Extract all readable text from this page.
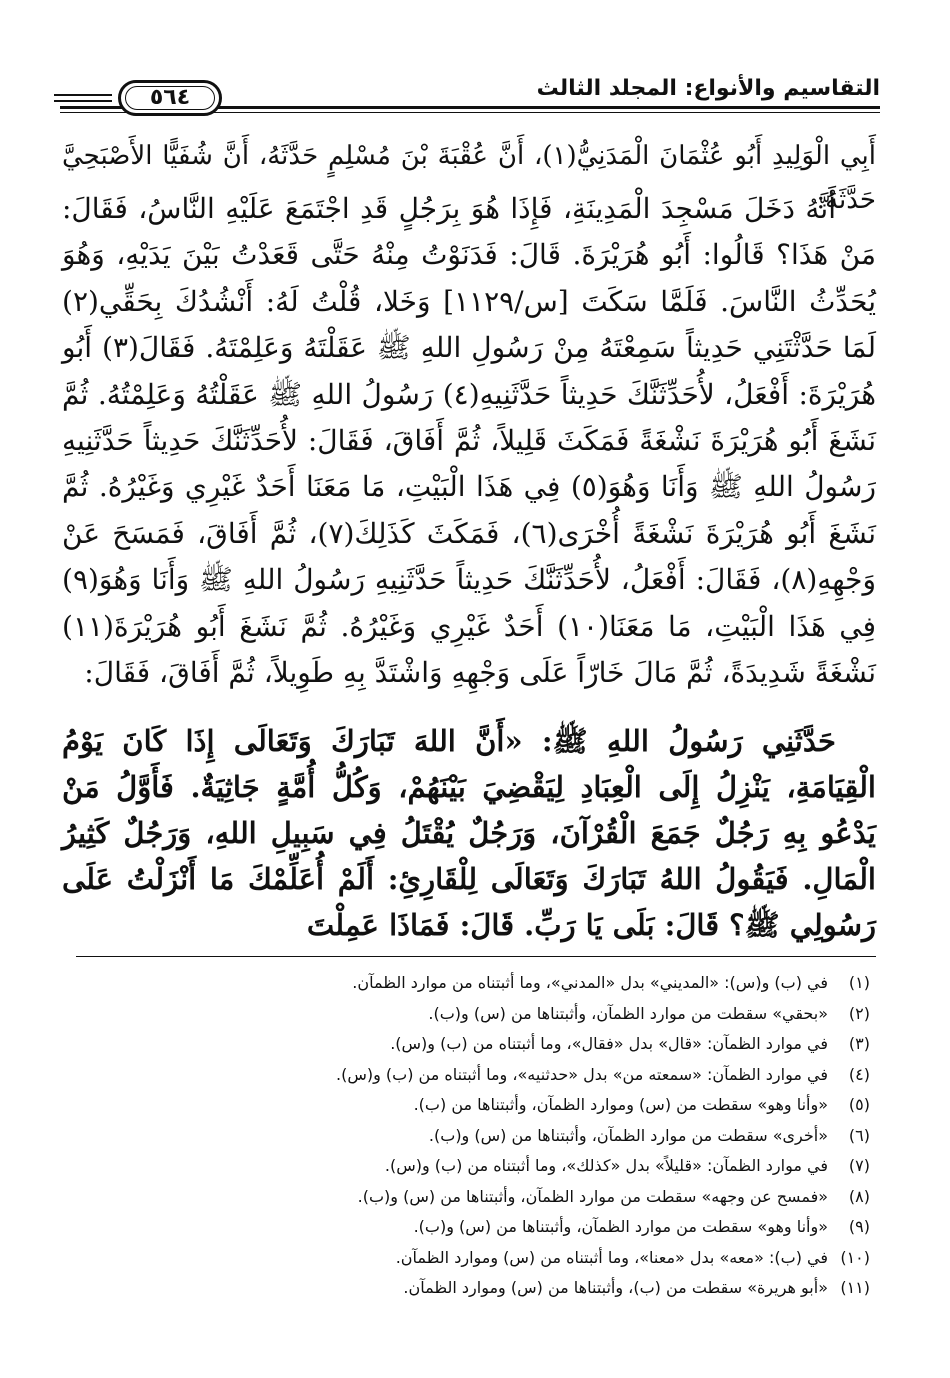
التقاسيم والأنواع: المجلد الثالث
٥٦٤
أَبِي الْوَلِيدِ أَبُو عُثْمَانَ الْمَدَنِيُّ(١)، أَنَّ عُقْبَةَ بْنَ مُسْلِمٍ حَدَّثَهُ، أَنَّ شُفَيًّا الأَصْبَحِيَّ حَدَّثَهُ:
أَنَّهُ دَخَلَ مَسْجِدَ الْمَدِينَةِ، فَإِذَا هُوَ بِرَجُلٍ قَدِ اجْتَمَعَ عَلَيْهِ النَّاسُ، فَقَالَ: مَنْ هَذَا؟ قَالُوا: أَبُو هُرَيْرَةَ. قَالَ: فَدَنَوْتُ مِنْهُ حَتَّى قَعَدْتُ بَيْنَ يَدَيْهِ، وَهُوَ يُحَدِّثُ النَّاسَ. فَلَمَّا سَكَتَ [س/١١٢٩] وَخَلا، قُلْتُ لَهُ: أَنْشُدُكَ بِحَقِّي(٢) لَمَا حَدَّثْتَنِي حَدِيثاً سَمِعْتَهُ مِنْ رَسُولِ اللهِ ﷺ عَقَلْتَهُ وَعَلِمْتَهُ. فَقَالَ(٣) أَبُو هُرَيْرَةَ: أَفْعَلُ، لأُحَدِّثَنَّكَ حَدِيثاً حَدَّثَنِيهِ(٤) رَسُولُ اللهِ ﷺ عَقَلْتُهُ وَعَلِمْتُهُ. ثُمَّ نَشَغَ أَبُو هُرَيْرَةَ نَشْغَةً فَمَكَثَ قَلِيلاً، ثُمَّ أَفَاقَ، فَقَالَ: لأُحَدِّثَنَّكَ حَدِيثاً حَدَّثَنِيهِ رَسُولُ اللهِ ﷺ وَأَنَا وَهُوَ(٥) فِي هَذَا الْبَيْتِ، مَا مَعَنَا أَحَدٌ غَيْرِي وَغَيْرُهُ. ثُمَّ نَشَغَ أَبُو هُرَيْرَةَ نَشْغَةً أُخْرَى(٦)، فَمَكَثَ كَذَلِكَ(٧)، ثُمَّ أَفَاقَ، فَمَسَحَ عَنْ وَجْهِهِ(٨)، فَقَالَ: أَفْعَلُ، لأُحَدِّثَنَّكَ حَدِيثاً حَدَّثَنِيهِ رَسُولُ اللهِ ﷺ وَأَنَا وَهُوَ(٩) فِي هَذَا الْبَيْتِ، مَا مَعَنَا(١٠) أَحَدٌ غَيْرِي وَغَيْرُهُ. ثُمَّ نَشَغَ أَبُو هُرَيْرَةَ(١١) نَشْغَةً شَدِيدَةً، ثُمَّ مَالَ خَارّاً عَلَى وَجْهِهِ وَاشْتَدَّ بِهِ طَوِيلاً، ثُمَّ أَفَاقَ، فَقَالَ:
حَدَّثَنِي رَسُولُ اللهِ ﷺ: «أَنَّ اللهَ تَبَارَكَ وَتَعَالَى إِذَا كَانَ يَوْمُ الْقِيَامَةِ، يَنْزِلُ إِلَى الْعِبَادِ لِيَقْضِيَ بَيْنَهُمْ، وَكُلُّ أُمَّةٍ جَاثِيَةٌ. فَأَوَّلُ مَنْ يَدْعُو بِهِ رَجُلٌ جَمَعَ الْقُرْآنَ، وَرَجُلٌ يُقْتَلُ فِي سَبِيلِ اللهِ، وَرَجُلٌ كَثِيرُ الْمَالِ. فَيَقُولُ اللهُ تَبَارَكَ وَتَعَالَى لِلْقَارِئِ: أَلَمْ أُعَلِّمْكَ مَا أَنْزَلْتُ عَلَى رَسُولِي ﷺ؟ قَالَ: بَلَى يَا رَبِّ. قَالَ: فَمَاذَا عَمِلْتَ
(١)في (ب) و(س): «المديني» بدل «المدني»، وما أثبتناه من موارد الظمآن.
(٢)«بحقي» سقطت من موارد الظمآن، وأثبتناها من (س) و(ب).
(٣)في موارد الظمآن: «قال» بدل «فقال»، وما أثبتناه من (ب) و(س).
(٤)في موارد الظمآن: «سمعته من» بدل «حدثنيه»، وما أثبتناه من (ب) و(س).
(٥)«وأنا وهو» سقطت من (س) وموارد الظمآن، وأثبتناها من (ب).
(٦)«أخرى» سقطت من موارد الظمآن، وأثبتناها من (س) و(ب).
(٧)في موارد الظمآن: «قليلاً» بدل «كذلك»، وما أثبتناه من (ب) و(س).
(٨)«فمسح عن وجهه» سقطت من موارد الظمآن، وأثبتناها من (س) و(ب).
(٩)«وأنا وهو» سقطت من موارد الظمآن، وأثبتناها من (س) و(ب).
(١٠)في (ب): «معه» بدل «معنا»، وما أثبتناه من (س) وموارد الظمآن.
(١١)«أبو هريرة» سقطت من (ب)، وأثبتناها من (س) وموارد الظمآن.
